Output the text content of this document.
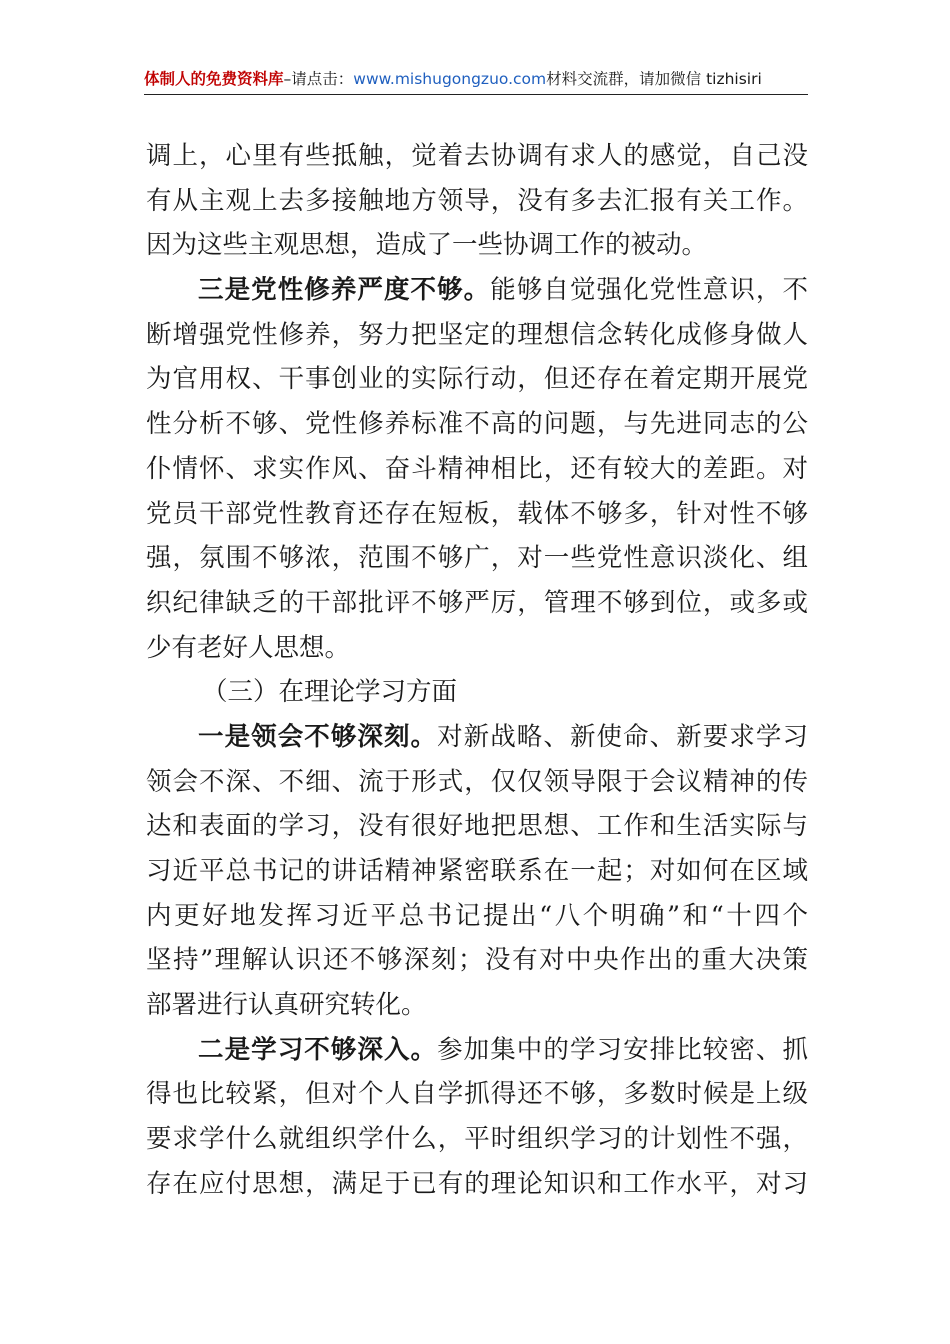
体制人的免费资料库–请点击：www.mishugongzuo.com材料交流群，请加微信 tizhisiri
调上，心里有些抵触，觉着去协调有求人的感觉，自己没
有从主观上去多接触地方领导，没有多去汇报有关工作。
因为这些主观思想，造成了一些协调工作的被动。
三是党性修养严度不够。能够自觉强化党性意识，不
断增强党性修养，努力把坚定的理想信念转化成修身做人
为官用权、干事创业的实际行动，但还存在着定期开展党
性分析不够、党性修养标准不高的问题，与先进同志的公
仆情怀、求实作风、奋斗精神相比，还有较大的差距。对
党员干部党性教育还存在短板，载体不够多，针对性不够
强，氛围不够浓，范围不够广，对一些党性意识淡化、组
织纪律缺乏的干部批评不够严厉，管理不够到位，或多或
少有老好人思想。
（三）在理论学习方面
一是领会不够深刻。对新战略、新使命、新要求学习
领会不深、不细、流于形式，仅仅领导限于会议精神的传
达和表面的学习，没有很好地把思想、工作和生活实际与
习近平总书记的讲话精神紧密联系在一起；对如何在区域
内更好地发挥习近平总书记提出“八个明确”和“十四个
坚持”理解认识还不够深刻；没有对中央作出的重大决策
部署进行认真研究转化。
二是学习不够深入。参加集中的学习安排比较密、抓
得也比较紧，但对个人自学抓得还不够，多数时候是上级
要求学什么就组织学什么，平时组织学习的计划性不强，
存在应付思想，满足于已有的理论知识和工作水平，对习
